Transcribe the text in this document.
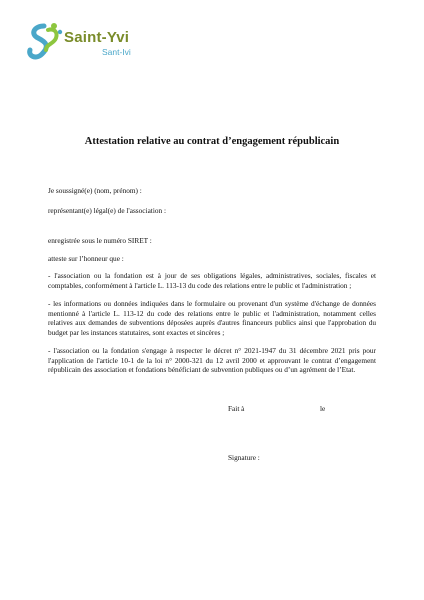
Saint-Yvi
Sant-Ivi
Attestation relative au contrat d’engagement républicain

Je soussigné(e) (nom, prénom) :

représentant(e) légal(e) de l'association :

enregistrée sous le numéro SIRET :

atteste sur l’honneur que :

- l'association ou la fondation est à jour de ses obligations légales, administratives, sociales, fiscales et comptables, conformément à l'article L. 113-13 du code des relations entre le public et l'administration ;

- les informations ou données indiquées dans le formulaire ou provenant d'un système d'échange de données mentionné à l'article L. 113-12 du code des relations entre le public et l'administration, notamment celles relatives aux demandes de subventions déposées auprès d'autres financeurs publics ainsi que l'approbation du budget par les instances statutaires, sont exactes et sincères ;

- l'association ou la fondation s'engage à respecter le décret n° 2021-1947 du 31 décembre 2021 pris pour l'application de l'article 10-1 de la loi n° 2000-321 du 12 avril 2000 et approuvant le contrat d’engagement républicain des association et fondations bénéficiant de subvention publiques ou d’un agrément de l’Etat.

Fait à	le
Signature :
